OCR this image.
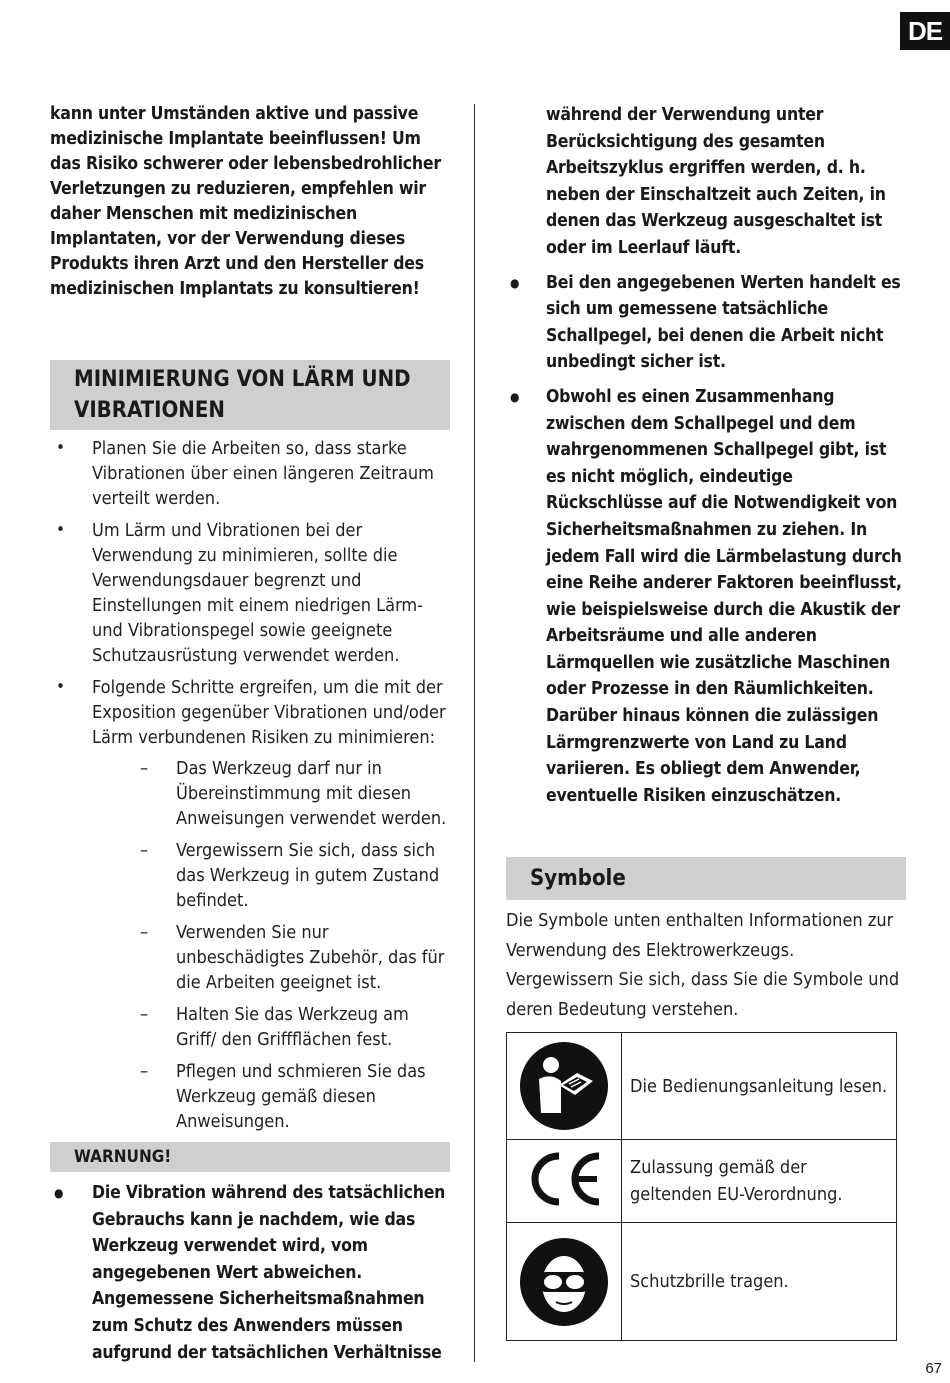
DE

kann unter Umständen aktive und passive medizinische Implantate beeinflussen! Um das Risiko schwerer oder lebensbedrohlicher Verletzungen zu reduzieren, empfehlen wir daher Menschen mit medizinischen Implantaten, vor der Verwendung dieses Produkts ihren Arzt und den Hersteller des medizinischen Implantats zu konsultieren!

MINIMIERUNG VON LÄRM UND VIBRATIONEN
• Planen Sie die Arbeiten so, dass starke Vibrationen über einen längeren Zeitraum verteilt werden.
• Um Lärm und Vibrationen bei der Verwendung zu minimieren, sollte die Verwendungsdauer begrenzt und Einstellungen mit einem niedrigen Lärm- und Vibrationspegel sowie geeignete Schutzausrüstung verwendet werden.
• Folgende Schritte ergreifen, um die mit der Exposition gegenüber Vibrationen und/oder Lärm verbundenen Risiken zu minimieren:
– Das Werkzeug darf nur in Übereinstimmung mit diesen Anweisungen verwendet werden.
– Vergewissern Sie sich, dass sich das Werkzeug in gutem Zustand befindet.
– Verwenden Sie nur unbeschädigtes Zubehör, das für die Arbeiten geeignet ist.
– Halten Sie das Werkzeug am Griff/ den Griffflächen fest.
– Pflegen und schmieren Sie das Werkzeug gemäß diesen Anweisungen.
WARNUNG!
● Die Vibration während des tatsächlichen Gebrauchs kann je nachdem, wie das Werkzeug verwendet wird, vom angegebenen Wert abweichen. Angemessene Sicherheitsmaßnahmen zum Schutz des Anwenders müssen aufgrund der tatsächlichen Verhältnisse

während der Verwendung unter Berücksichtigung des gesamten Arbeitszyklus ergriffen werden, d. h. neben der Einschaltzeit auch Zeiten, in denen das Werkzeug ausgeschaltet ist oder im Leerlauf läuft.

● Bei den angegebenen Werten handelt es sich um gemessene tatsächliche Schallpegel, bei denen die Arbeit nicht unbedingt sicher ist.
● Obwohl es einen Zusammenhang zwischen dem Schallpegel und dem wahrgenommenen Schallpegel gibt, ist es nicht möglich, eindeutige Rückschlüsse auf die Notwendigkeit von Sicherheitsmaßnahmen zu ziehen. In jedem Fall wird die Lärmbelastung durch eine Reihe anderer Faktoren beeinflusst, wie beispielsweise durch die Akustik der Arbeitsräume und alle anderen Lärmquellen wie zusätzliche Maschinen oder Prozesse in den Räumlichkeiten. Darüber hinaus können die zulässigen Lärmgrenzwerte von Land zu Land variieren. Es obliegt dem Anwender, eventuelle Risiken einzuschätzen.
Symbole

Die Symbole unten enthalten Informationen zur Verwendung des Elektrowerkzeugs. Vergewissern Sie sich, dass Sie die Symbole und deren Bedeutung verstehen.

	Die Bedienungsanleitung lesen.
	Zulassung gemäß der geltenden EU-Verordnung.

	Schutzbrille tragen.
67
